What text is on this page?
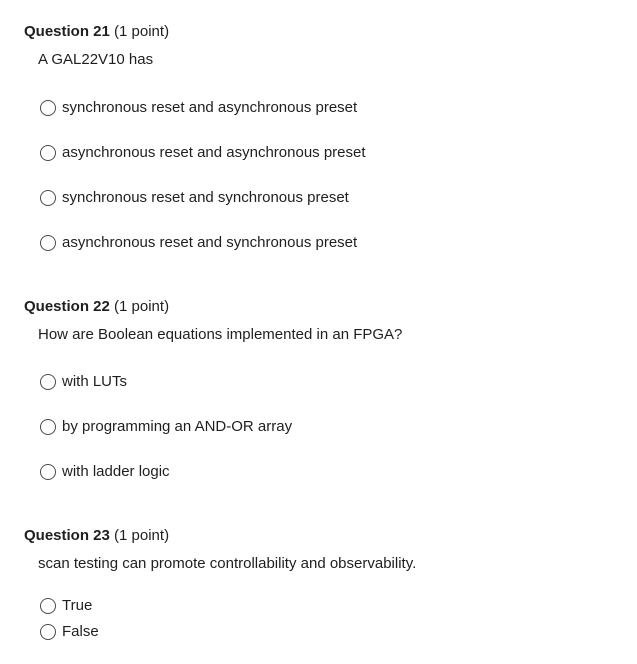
Question 21 (1 point)
A GAL22V10 has
synchronous reset and asynchronous preset
asynchronous reset and asynchronous preset
synchronous reset and synchronous preset
asynchronous reset and synchronous preset
Question 22 (1 point)
How are Boolean equations implemented in an FPGA?
with LUTs
by programming an AND-OR array
with ladder logic
Question 23 (1 point)
scan testing can promote controllability and observability.
True
False
